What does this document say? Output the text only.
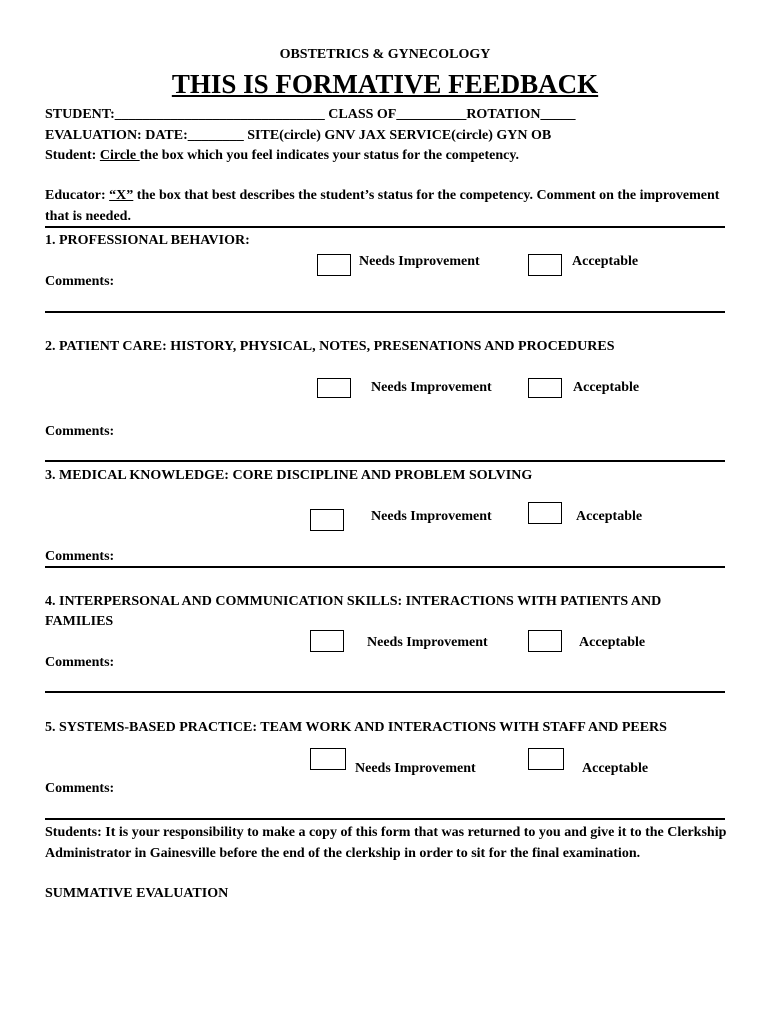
OBSTETRICS & GYNECOLOGY
THIS IS FORMATIVE FEEDBACK
STUDENT:______________________________ CLASS OF__________ROTATION_____
EVALUATION: DATE:________ SITE(circle) GNV JAX SERVICE(circle) GYN OB
Student: Circle the box which you feel indicates your status for the competency.
Educator: “X” the box that best describes the student’s status for the competency. Comment on the improvement that is needed.
1. PROFESSIONAL BEHAVIOR:
Needs Improvement	Acceptable
Comments:
2. PATIENT CARE: HISTORY, PHYSICAL, NOTES, PRESENATIONS AND PROCEDURES
Needs Improvement	Acceptable
Comments:
3. MEDICAL KNOWLEDGE: CORE DISCIPLINE AND PROBLEM SOLVING
Needs Improvement	Acceptable
Comments:
4. INTERPERSONAL AND COMMUNICATION SKILLS: INTERACTIONS WITH PATIENTS AND
FAMILIES
Needs Improvement	Acceptable
Comments:
5. SYSTEMS-BASED PRACTICE: TEAM WORK AND INTERACTIONS WITH STAFF AND PEERS
Needs Improvement	Acceptable
Comments:
Students: It is your responsibility to make a copy of this form that was returned to you and give it to the Clerkship Administrator in Gainesville before the end of the clerkship in order to sit for the final examination.
SUMMATIVE EVALUATION
